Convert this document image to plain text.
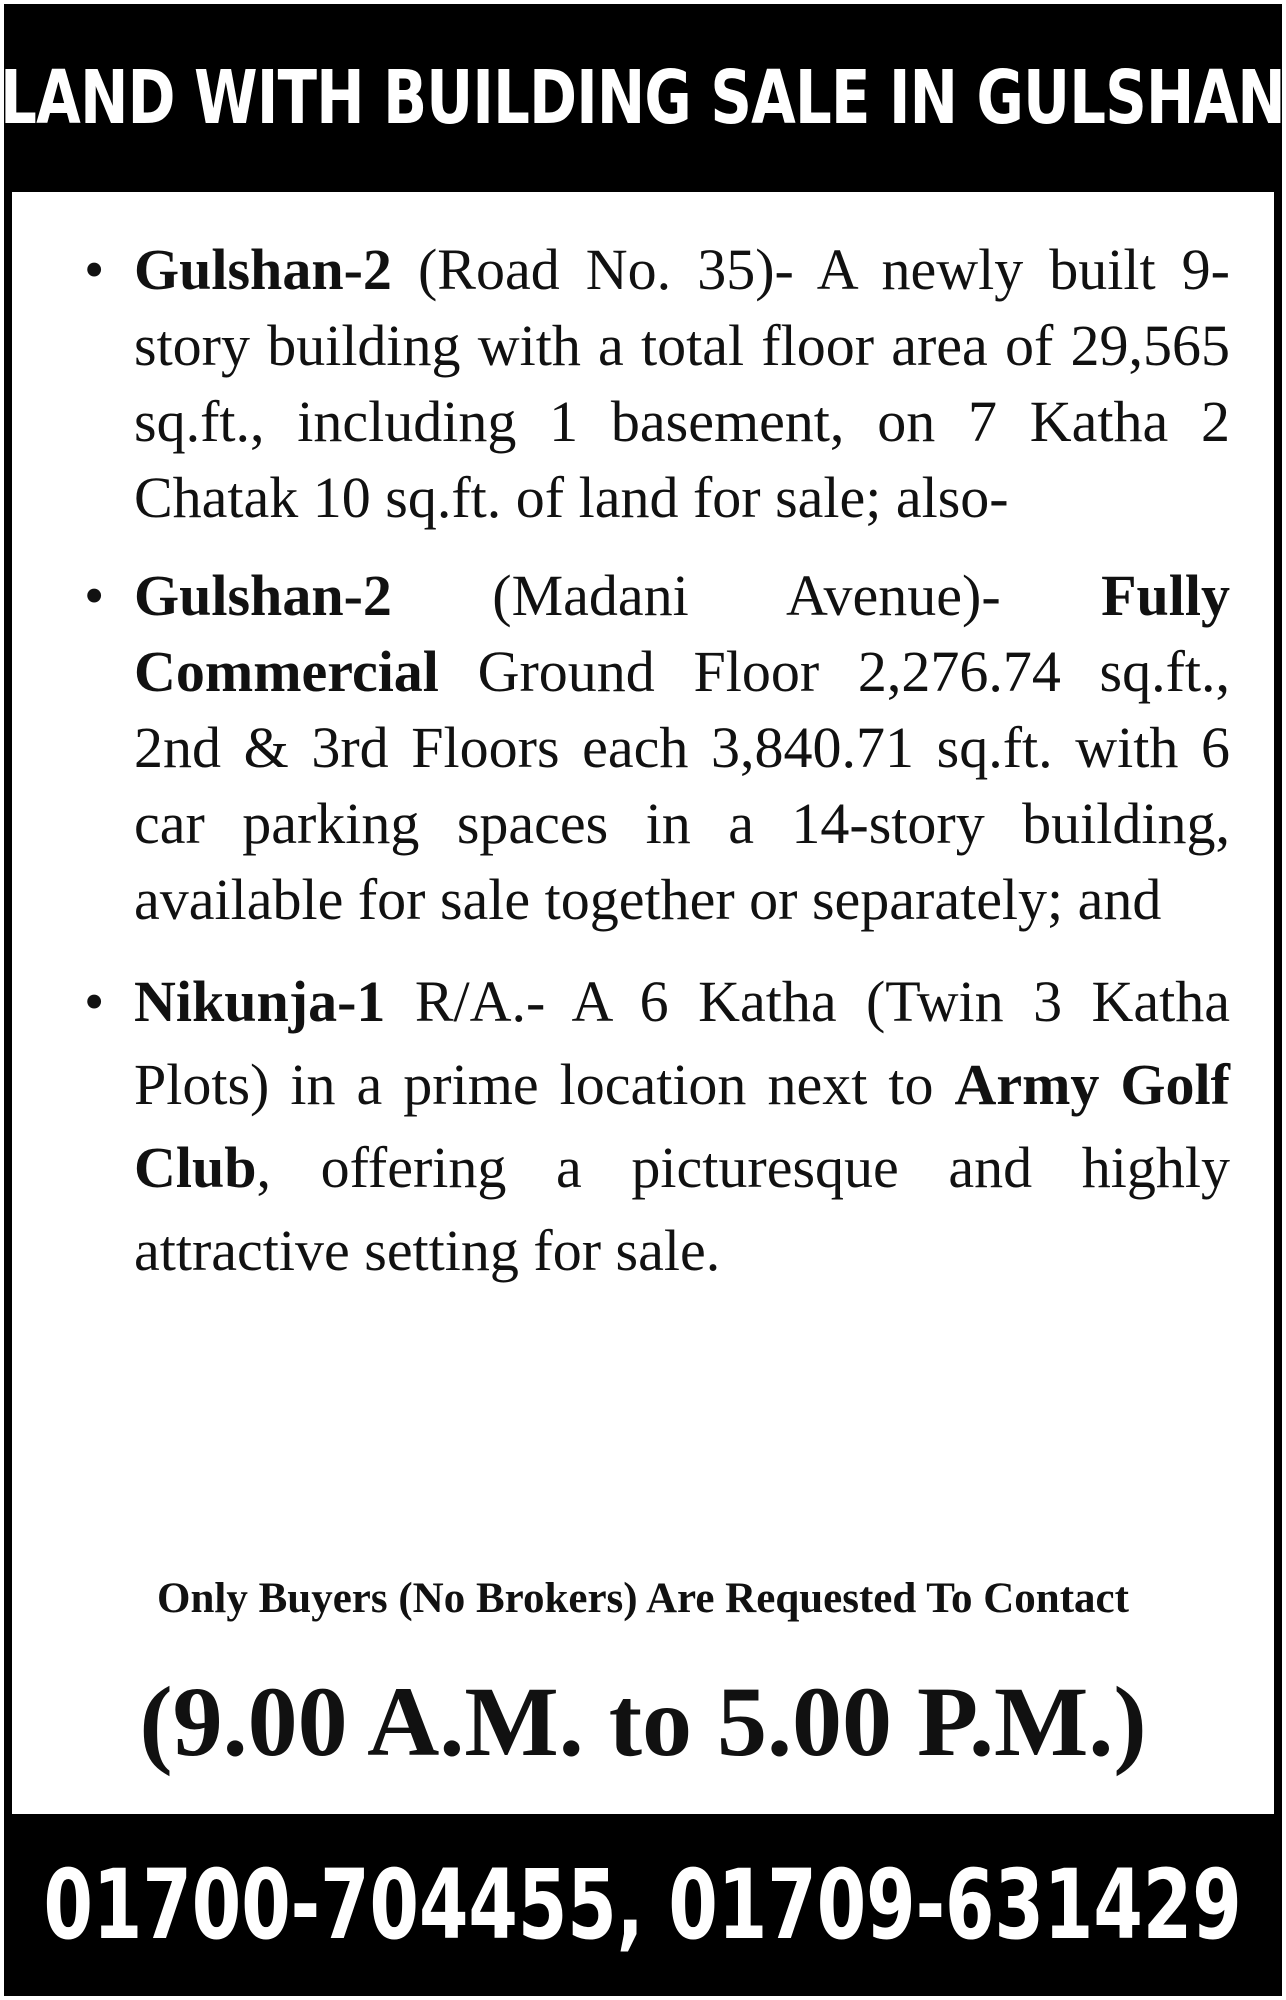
LAND WITH BUILDING SALE IN GULSHAN
• Gulshan-2 (Road No. 35)- A newly built 9-story building with a total floor area of 29,565 sq.ft., including 1 basement, on 7 Katha 2 Chatak 10 sq.ft. of land for sale; also-
• Gulshan-2 (Madani Avenue)- Fully Commercial Ground Floor 2,276.74 sq.ft., 2nd & 3rd Floors each 3,840.71 sq.ft. with 6 car parking spaces in a 14-story building, available for sale together or separately; and
• Nikunja-1 R/A.- A 6 Katha (Twin 3 Katha Plots) in a prime location next to Army Golf Club, offering a picturesque and highly attractive setting for sale.
Only Buyers (No Brokers) Are Requested To Contact
(9.00 A.M. to 5.00 P.M.)
01700-704455, 01709-631429
